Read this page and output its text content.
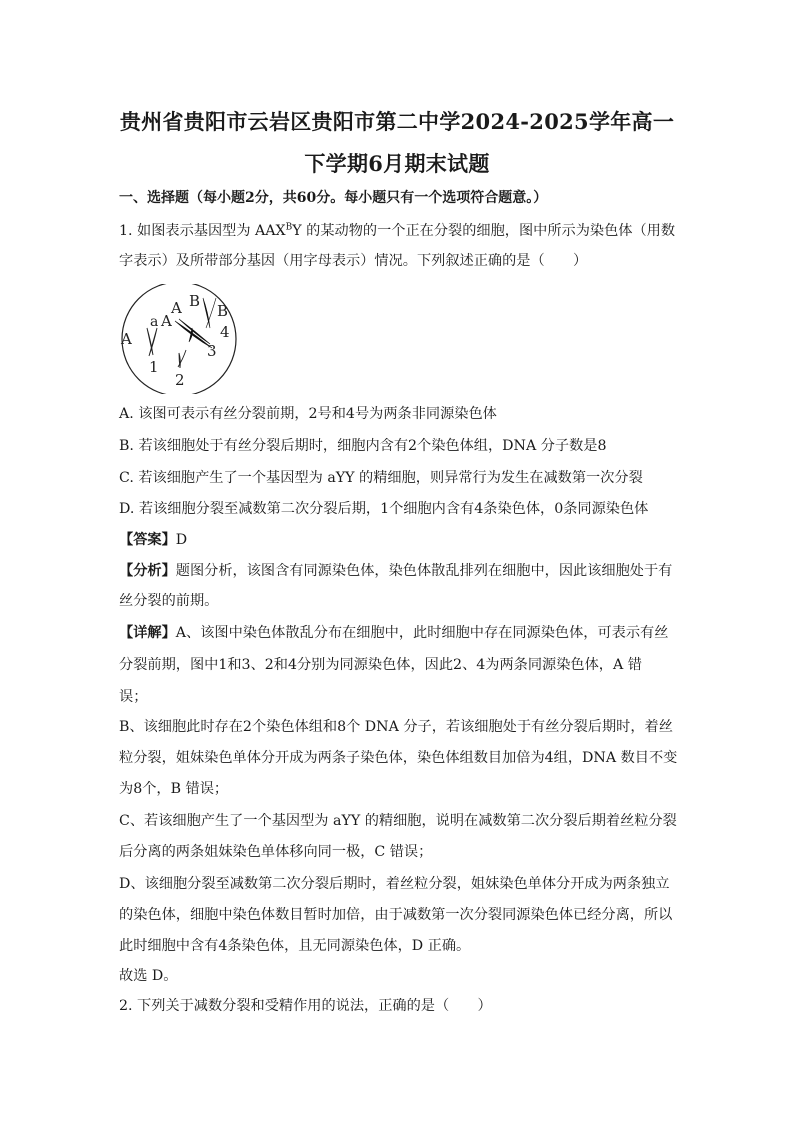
贵州省贵阳市云岩区贵阳市第二中学2024-2025学年高一
下学期6月期末试题
一、选择题（每小题2分，共60分。每小题只有一个选项符合题意。）
1. 如图表示基因型为 $AAX^BY$ 的某动物的一个正在分裂的细胞，图中所示为染色体（用数
字表示）及所带部分基因（用字母表示）情况。下列叙述正确的是（　　）
A
a A
A B
B
1
2
3
4
A. 该图可表示有丝分裂前期，2号和4号为两条非同源染色体
B. 若该细胞处于有丝分裂后期时，细胞内含有2个染色体组，DNA 分子数是8
C. 若该细胞产生了一个基因型为 aYY 的精细胞，则异常行为发生在减数第一次分裂
D. 若该细胞分裂至减数第二次分裂后期，1个细胞内含有4条染色体，0条同源染色体
【答案】D
【分析】题图分析，该图含有同源染色体，染色体散乱排列在细胞中，因此该细胞处于有
丝分裂的前期。
【详解】A、该图中染色体散乱分布在细胞中，此时细胞中存在同源染色体，可表示有丝
分裂前期，图中1和3、2和4分别为同源染色体，因此2、4为两条同源染色体，A 错
误；
B、该细胞此时存在2个染色体组和8个 DNA 分子，若该细胞处于有丝分裂后期时，着丝
粒分裂，姐妹染色单体分开成为两条子染色体，染色体组数目加倍为4组，DNA 数目不变
为8个，B 错误；
C、若该细胞产生了一个基因型为 aYY 的精细胞，说明在减数第二次分裂后期着丝粒分裂
后分离的两条姐妹染色单体移向同一极，C 错误；
D、该细胞分裂至减数第二次分裂后期时，着丝粒分裂，姐妹染色单体分开成为两条独立
的染色体，细胞中染色体数目暂时加倍，由于减数第一次分裂同源染色体已经分离，所以
此时细胞中含有4条染色体，且无同源染色体，D 正确。
故选 D。
2. 下列关于减数分裂和受精作用的说法，正确的是（　　）
